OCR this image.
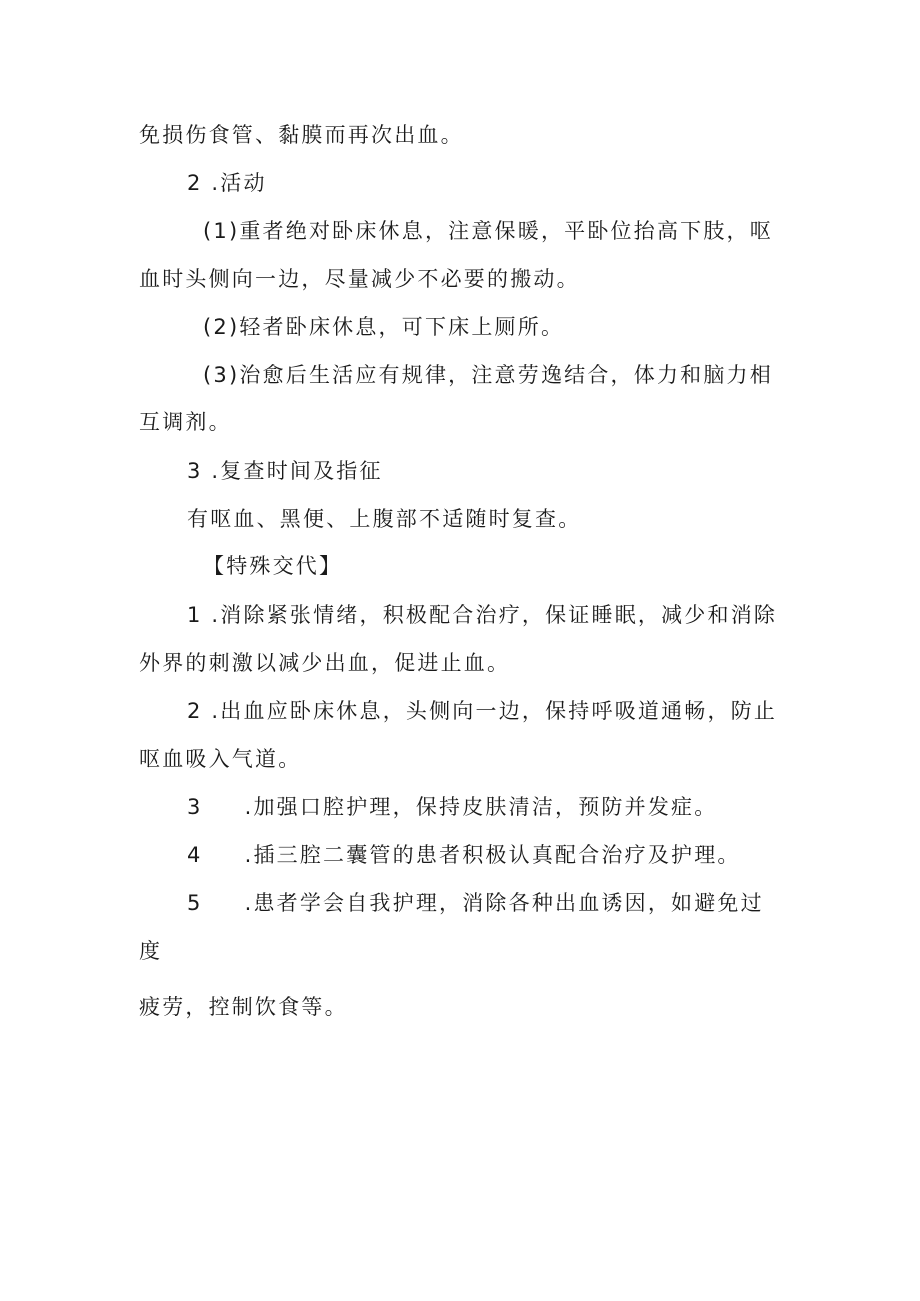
免损伤食管、黏膜而再次出血。
2 .活动
(1)重者绝对卧床休息，注意保暖，平卧位抬高下肢，呕
血时头侧向一边，尽量减少不必要的搬动。
(2)轻者卧床休息，可下床上厕所。
(3)治愈后生活应有规律，注意劳逸结合，体力和脑力相
互调剂。
3 .复查时间及指征
有呕血、黑便、上腹部不适随时复查。
【特殊交代】
1 .消除紧张情绪，积极配合治疗，保证睡眠，减少和消除
外界的刺激以减少出血，促进止血。
2 .出血应卧床休息，头侧向一边，保持呼吸道通畅，防止
呕血吸入气道。
3 .加强口腔护理，保持皮肤清洁，预防并发症。
4 .插三腔二囊管的患者积极认真配合治疗及护理。
5 .患者学会自我护理，消除各种出血诱因，如避免过
度
疲劳，控制饮食等。
